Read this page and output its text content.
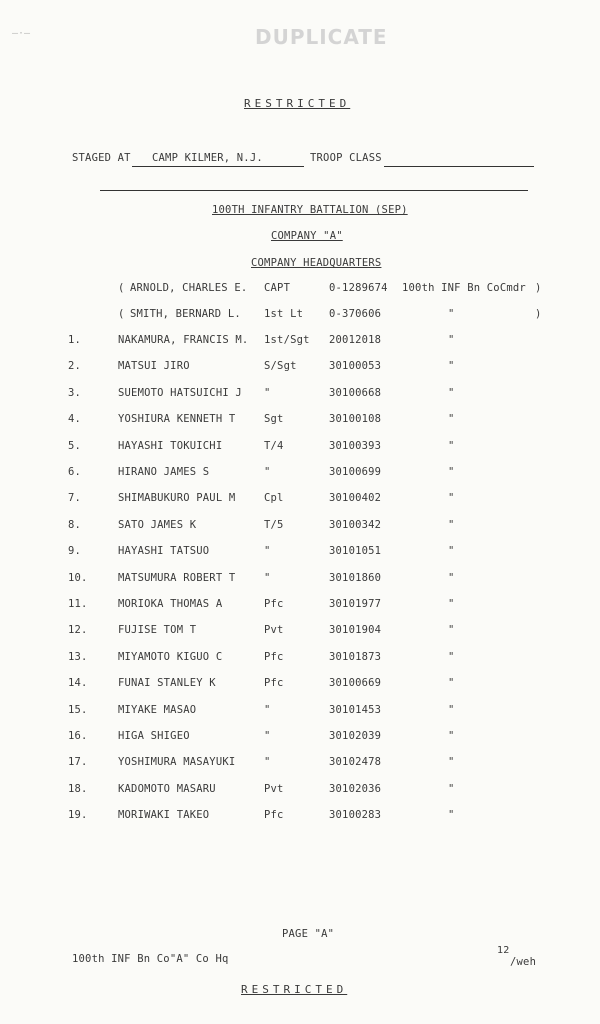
DUPLICATE
—·—
RESTRICTED
STAGED AT CAMP KILMER, N.J.	TROOP CLASS
100TH INFANTRY BATTALION (SEP)
COMPANY "A"
COMPANY HEADQUARTERS
( ARNOLD, CHARLES E. CAPT	0-1289674 100th INF Bn CoCmdr )
( SMITH, BERNARD L. 1st Lt 0-370606	"	)
1.	NAKAMURA, FRANCIS M. 1st/Sgt 20012018	"
2.	MATSUI JIRO	S/Sgt	30100053	"
3.	SUEMOTO HATSUICHI J "	30100668	"
4.	YOSHIURA KENNETH T	Sgt	30100108	"
5.	HAYASHI TOKUICHI	T/4	30100393	"
6.	HIRANO JAMES S	"	30100699	"
7.	SHIMABUKURO PAUL M	Cpl	30100402	"
8.	SATO JAMES K	T/5	30100342	"
9.	HAYASHI TATSUO	"	30101051	"
10.	MATSUMURA ROBERT T	"	30101860	"
11.	MORIOKA THOMAS A	Pfc	30101977	"
12.	FUJISE TOM T	Pvt	30101904	"
13.	MIYAMOTO KIGUO C	Pfc	30101873	"
14.	FUNAI STANLEY K	Pfc	30100669	"
15.	MIYAKE MASAO	"	30101453	"
16.	HIGA SHIGEO	"	30102039	"
17.	YOSHIMURA MASAYUKI	"	30102478	"
18.	KADOMOTO MASARU	Pvt	30102036	"
19.	MORIWAKI TAKEO	Pfc	30100283	"
PAGE "A"
100th INF Bn Co"A" Co Hq
12
/weh
RESTRICTED
